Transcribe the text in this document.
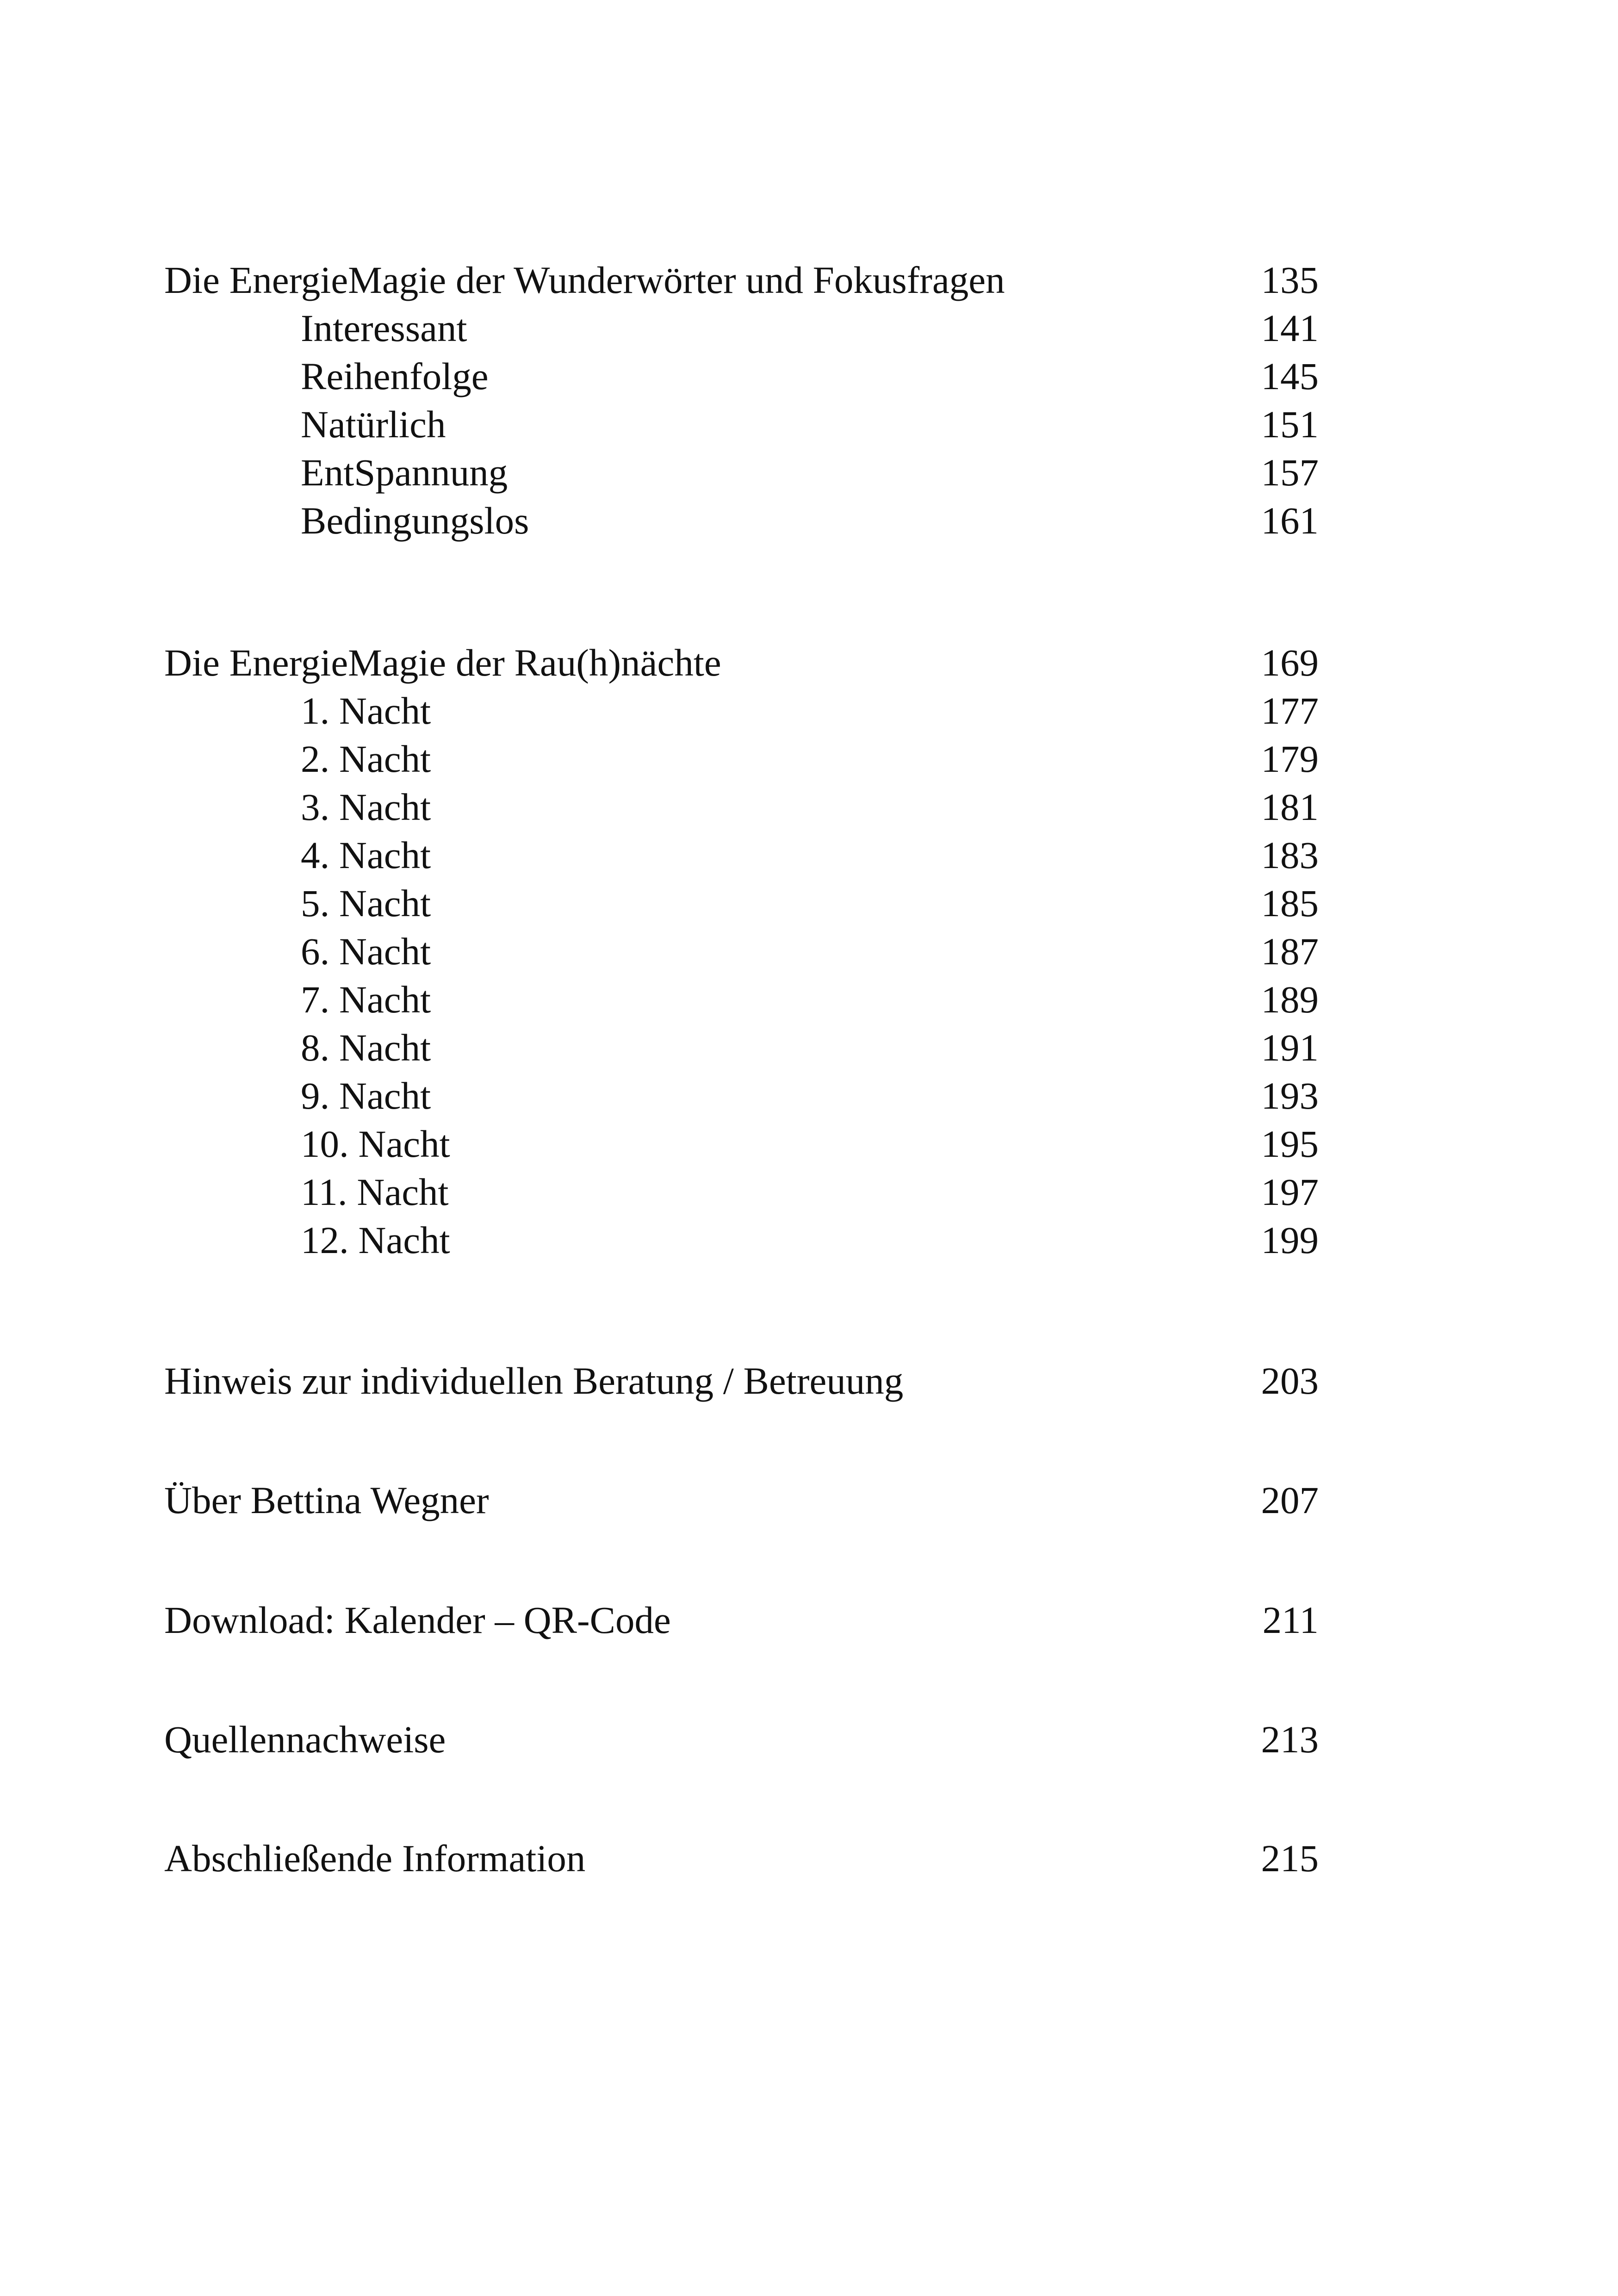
Die EnergieMagie der Wunderwörter und Fokusfragen	135
Interessant	141
Reihenfolge	145
Natürlich	151
EntSpannung	157
Bedingungslos	161
Die EnergieMagie der Rau(h)nächte	169
1. Nacht	177
2. Nacht	179
3. Nacht	181
4. Nacht	183
5. Nacht	185
6. Nacht	187
7. Nacht	189
8. Nacht	191
9. Nacht	193
10. Nacht	195
11. Nacht	197
12. Nacht	199
Hinweis zur individuellen Beratung / Betreuung	203
Über Bettina Wegner	207
Download: Kalender – QR-Code	211
Quellennachweise	213
Abschließende Information	215
